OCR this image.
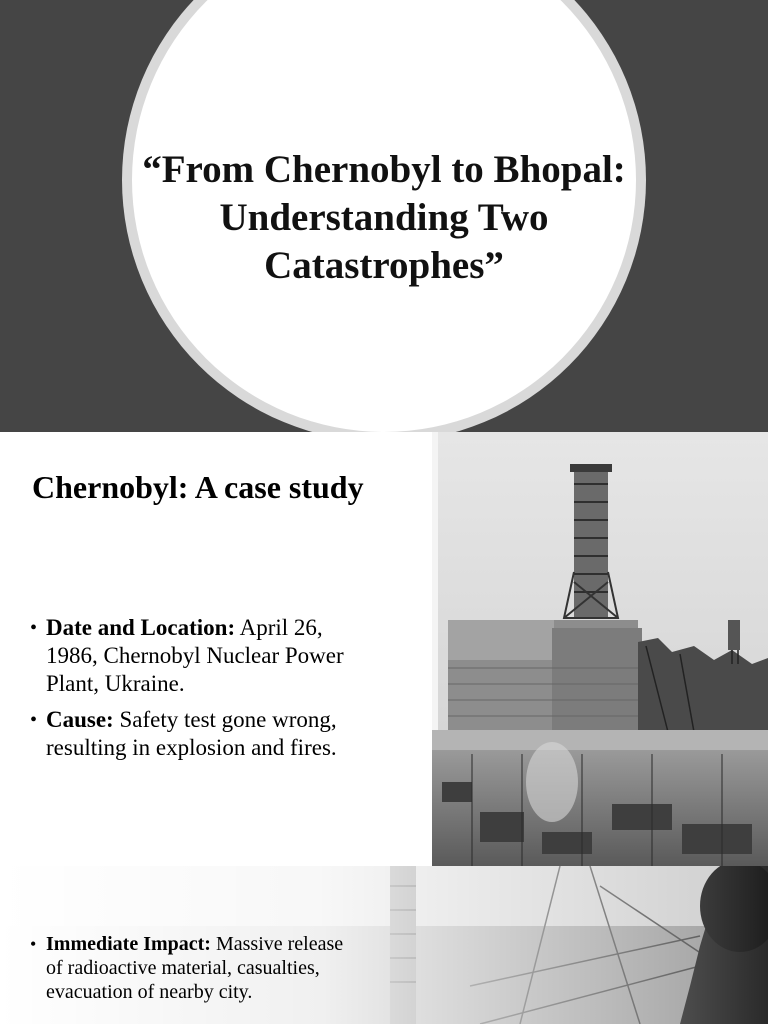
“From Chernobyl to Bhopal: Understanding Two Catastrophes”
Chernobyl: A case study
• Date and Location: April 26, 1986, Chernobyl Nuclear Power Plant, Ukraine.
• Cause: Safety test gone wrong, resulting in explosion and fires.
• Immediate Impact: Massive release of radioactive material, casualties, evacuation of nearby city.
